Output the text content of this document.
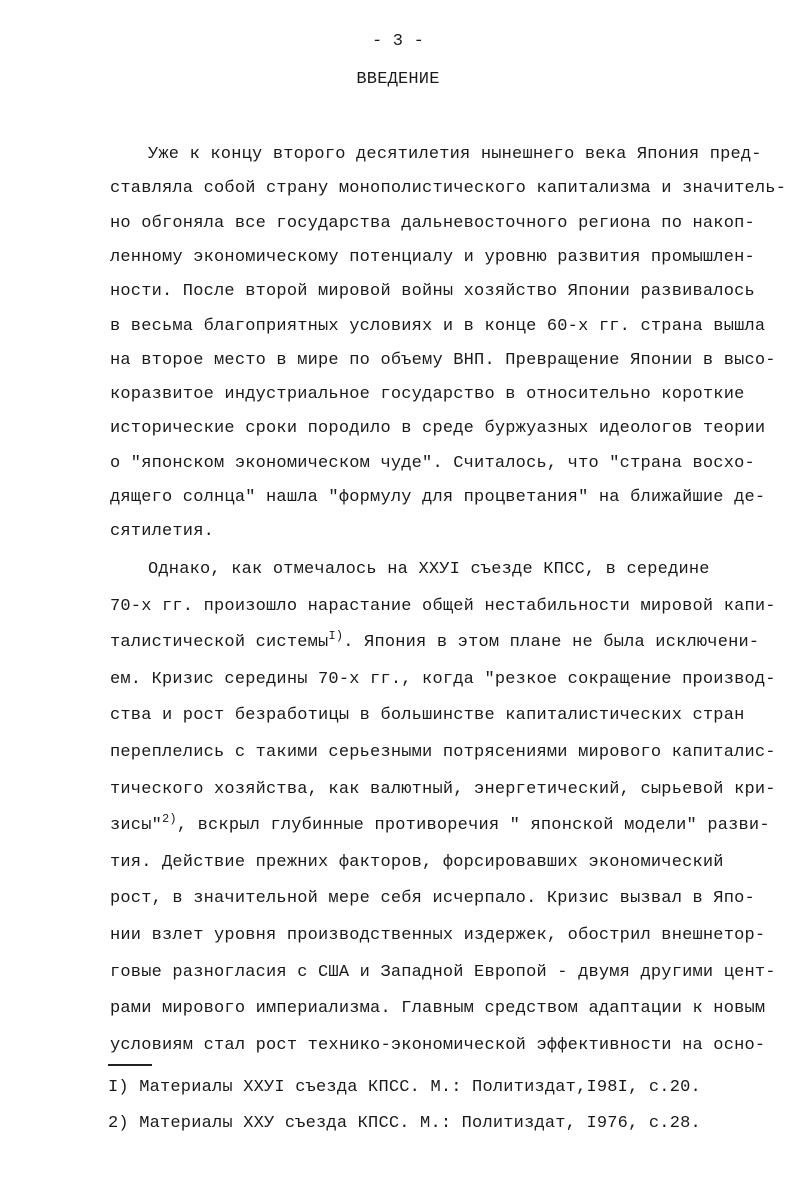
- 3 -
ВВЕДЕНИЕ
Уже к концу второго десятилетия нынешнего века Япония пред-
ставляла собой страну монополистического капитализма и значитель-
но обгоняла все государства дальневосточного региона по накоп-
ленному экономическому потенциалу и уровню развития промышлен-
ности. После второй мировой войны хозяйство Японии развивалось
в весьма благоприятных условиях и в конце 60-х гг. страна вышла
на второе место в мире по объему ВНП. Превращение Японии в высо-
коразвитое индустриальное государство в относительно короткие
исторические сроки породило в среде буржуазных идеологов теории
о "японском экономическом чуде". Считалось, что "страна восхо-
дящего солнца" нашла "формулу для процветания" на ближайшие де-
сятилетия.
Однако, как отмечалось на ХХУI съезде КПСС, в середине
70-х гг. произошло нарастание общей нестабильности мировой капи-
талистической системы$^{I)}$. Япония в этом плане не была исключени-
ем. Кризис середины 70-х гг., когда "резкое сокращение производ-
ства и рост безработицы в большинстве капиталистических стран
переплелись с такими серьезными потрясениями мирового капиталис-
тического хозяйства, как валютный, энергетический, сырьевой кри-
зисы"$^{2)}$, вскрыл глубинные противоречия " японской модели" разви-
тия. Действие прежних факторов, форсировавших экономический
рост, в значительной мере себя исчерпало. Кризис вызвал в Япо-
нии взлет уровня производственных издержек, обострил внешнетор-
говые разногласия с США и Западной Европой - двумя другими цент-
рами мирового империализма. Главным средством адаптации к новым
условиям стал рост технико-экономической эффективности на осно-
I) Материалы ХХУI съезда КПСС. М.: Политиздат,I98I, с.20.
2) Материалы ХХУ съезда КПСС. М.: Политиздат, I976, с.28.
